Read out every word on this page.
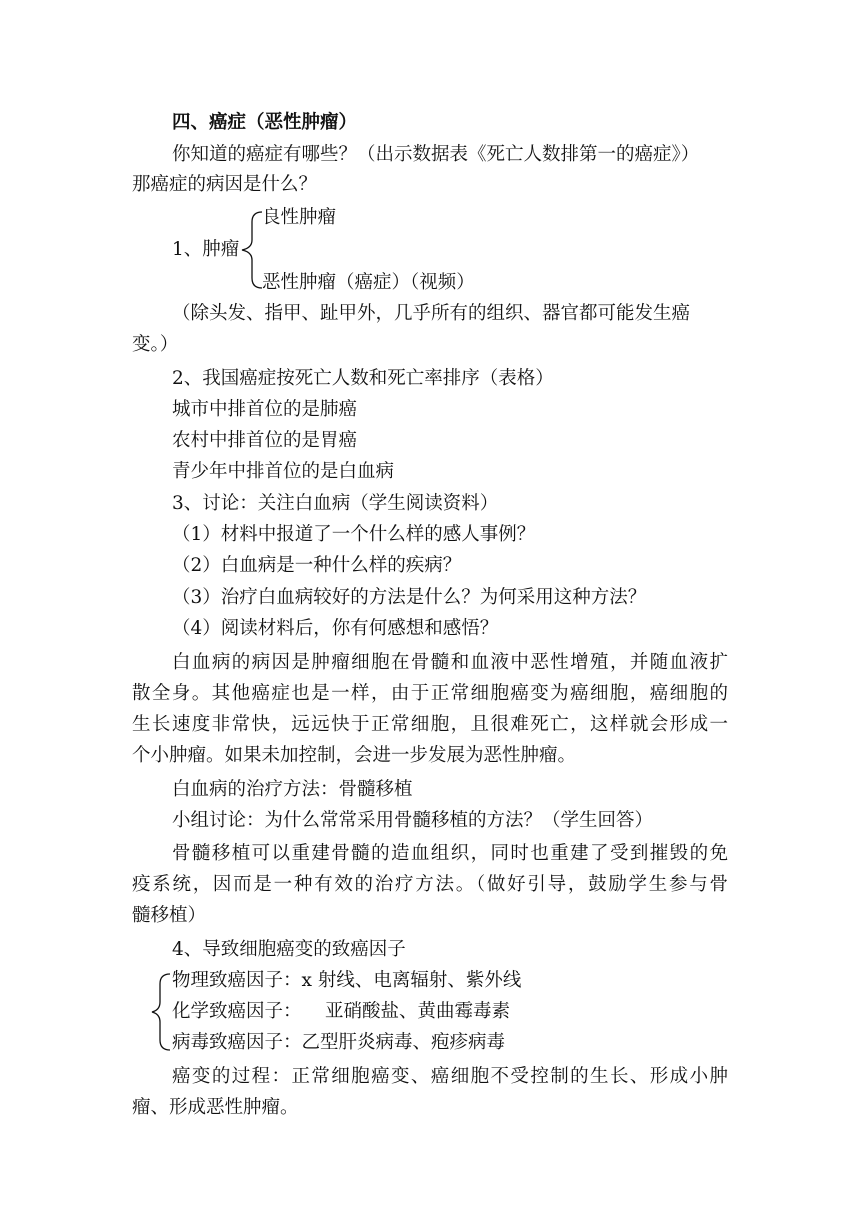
四、癌症（恶性肿瘤）
你知道的癌症有哪些？（出示数据表《死亡人数排第一的癌症》）
那癌症的病因是什么？
良性肿瘤
1、肿瘤
恶性肿瘤（癌症）（视频）
（除头发、指甲、趾甲外，几乎所有的组织、器官都可能发生癌
变。）
2、我国癌症按死亡人数和死亡率排序（表格）
城市中排首位的是肺癌
农村中排首位的是胃癌
青少年中排首位的是白血病
3、讨论：关注白血病（学生阅读资料）
（1）材料中报道了一个什么样的感人事例？
（2）白血病是一种什么样的疾病？
（3）治疗白血病较好的方法是什么？为何采用这种方法？
（4）阅读材料后，你有何感想和感悟？
白血病的病因是肿瘤细胞在骨髓和血液中恶性增殖，并随血液扩
散全身。其他癌症也是一样，由于正常细胞癌变为癌细胞，癌细胞的
生长速度非常快，远远快于正常细胞，且很难死亡，这样就会形成一
个小肿瘤。如果未加控制，会进一步发展为恶性肿瘤。
白血病的治疗方法：骨髓移植
小组讨论：为什么常常采用骨髓移植的方法？（学生回答）
骨髓移植可以重建骨髓的造血组织，同时也重建了受到摧毁的免
疫系统，因而是一种有效的治疗方法。（做好引导，鼓励学生参与骨
髓移植）
4、导致细胞癌变的致癌因子
物理致癌因子：x 射线、电离辐射、紫外线
化学致癌因子：    亚硝酸盐、黄曲霉毒素
病毒致癌因子：乙型肝炎病毒、疱疹病毒
癌变的过程：正常细胞癌变、癌细胞不受控制的生长、形成小肿
瘤、形成恶性肿瘤。
